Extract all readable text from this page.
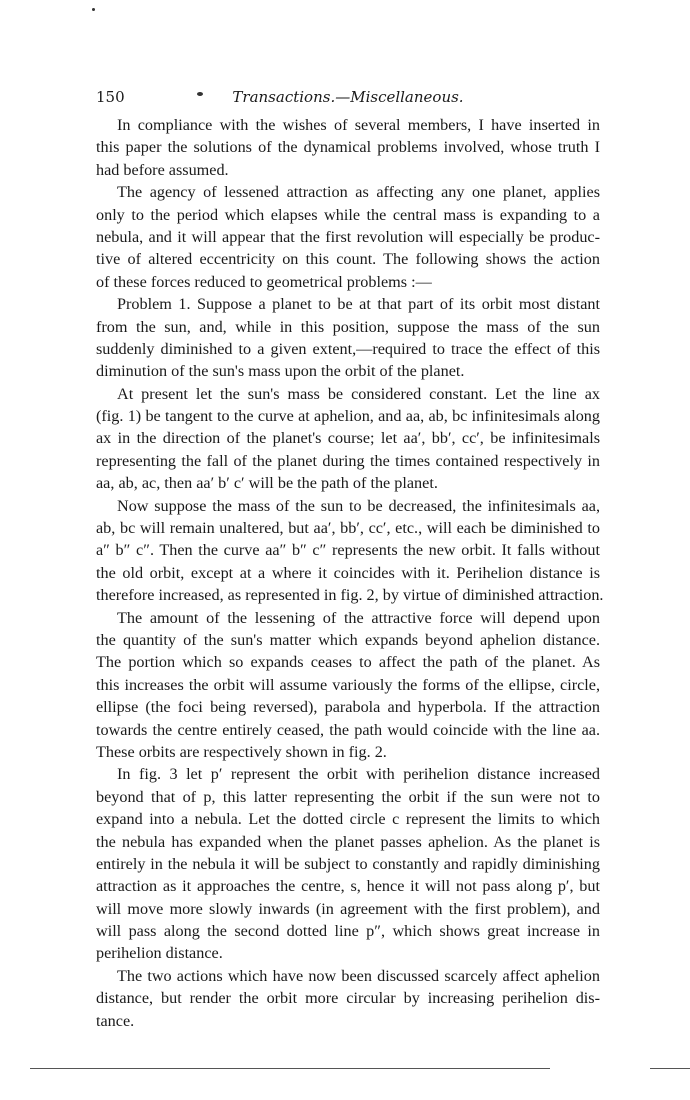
150	Transactions.—Miscellaneous.
In compliance with the wishes of several members, I have inserted in
this paper the solutions of the dynamical problems involved, whose truth I
had before assumed.
The agency of lessened attraction as affecting any one planet, applies
only to the period which elapses while the central mass is expanding to a
nebula, and it will appear that the first revolution will especially be produc-
tive of altered eccentricity on this count. The following shows the action
of these forces reduced to geometrical problems :—
Problem 1. Suppose a planet to be at that part of its orbit most distant
from the sun, and, while in this position, suppose the mass of the sun
suddenly diminished to a given extent,—required to trace the effect of this
diminution of the sun's mass upon the orbit of the planet.
At present let the sun's mass be considered constant. Let the line ax
(fig. 1) be tangent to the curve at aphelion, and aa, ab, bc infinitesimals along
ax in the direction of the planet's course; let aa′, bb′, cc′, be infinitesimals
representing the fall of the planet during the times contained respectively in
aa, ab, ac, then aa′ b′ c′ will be the path of the planet.
Now suppose the mass of the sun to be decreased, the infinitesimals aa,
ab, bc will remain unaltered, but aa′, bb′, cc′, etc., will each be diminished to
a″ b″ c″. Then the curve aa″ b″ c″ represents the new orbit. It falls without
the old orbit, except at a where it coincides with it. Perihelion distance is
therefore increased, as represented in fig. 2, by virtue of diminished attraction.
The amount of the lessening of the attractive force will depend upon
the quantity of the sun's matter which expands beyond aphelion distance.
The portion which so expands ceases to affect the path of the planet. As
this increases the orbit will assume variously the forms of the ellipse, circle,
ellipse (the foci being reversed), parabola and hyperbola. If the attraction
towards the centre entirely ceased, the path would coincide with the line aa.
These orbits are respectively shown in fig. 2.
In fig. 3 let p′ represent the orbit with perihelion distance increased
beyond that of p, this latter representing the orbit if the sun were not to
expand into a nebula. Let the dotted circle c represent the limits to which
the nebula has expanded when the planet passes aphelion. As the planet is
entirely in the nebula it will be subject to constantly and rapidly diminishing
attraction as it approaches the centre, s, hence it will not pass along p′, but
will move more slowly inwards (in agreement with the first problem), and
will pass along the second dotted line p″, which shows great increase in
perihelion distance.
The two actions which have now been discussed scarcely affect aphelion
distance, but render the orbit more circular by increasing perihelion dis-
tance.
